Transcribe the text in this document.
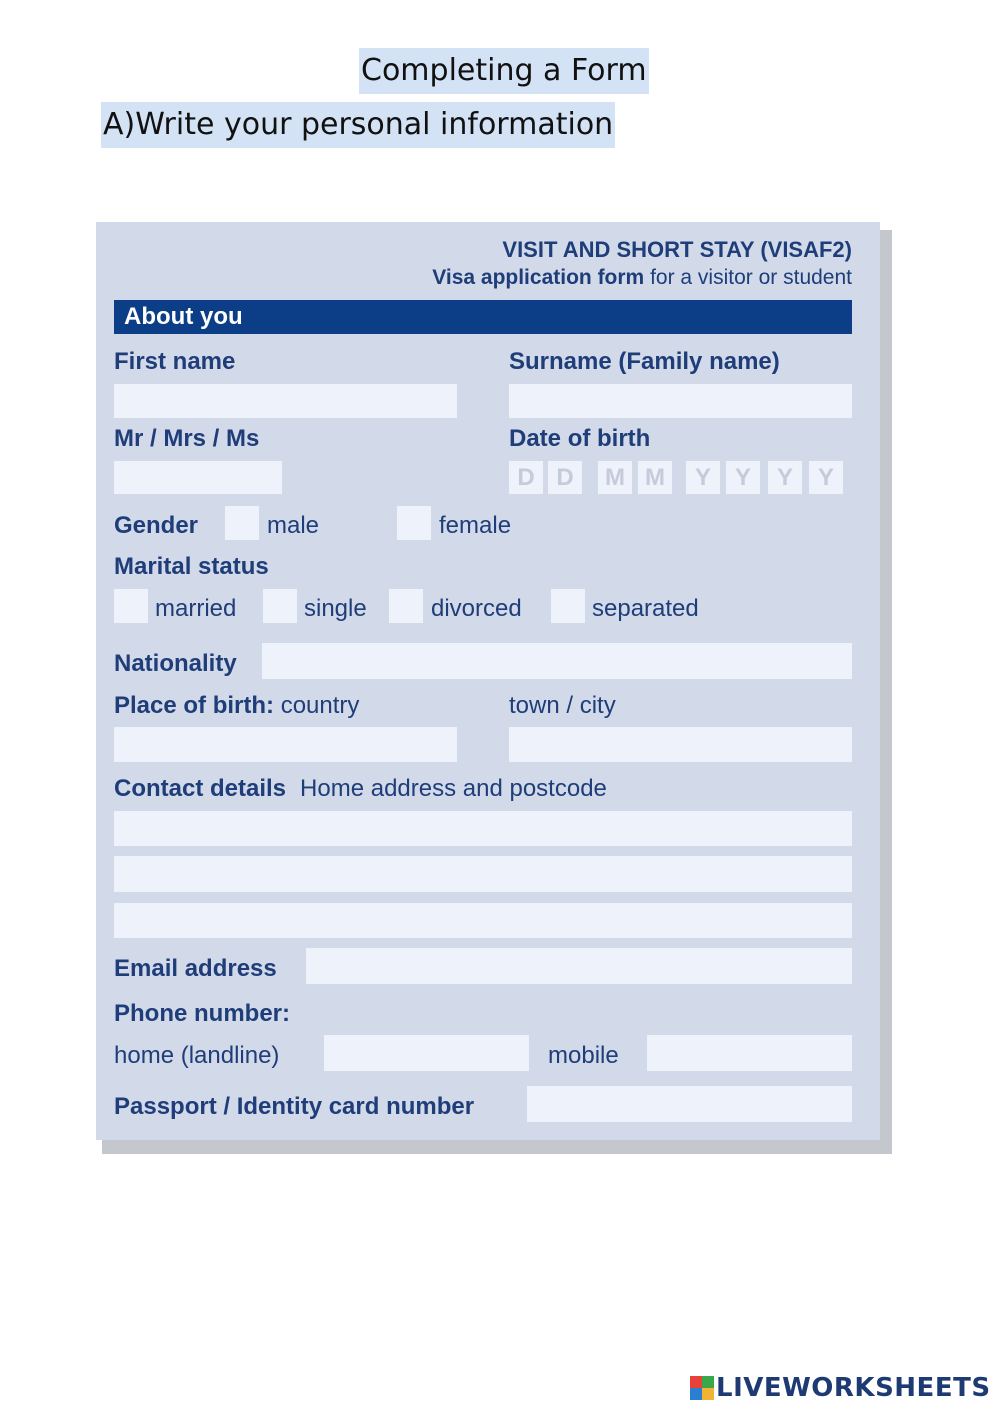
Completing a Form
A)Write your personal information
VISIT AND SHORT STAY (VISAF2)
Visa application form for a visitor or student
About you
First name	Surname (Family name)
Mr / Mrs / Ms	Date of birth
D D	M M	Y Y	Y	Y
Gender	male	female
Marital status
married	single	divorced	separated
Nationality
Place of birth: country	town / city
Contact details Home address and postcode
Email address
Phone number:
home (landline)	mobile
Passport / Identity card number
LIVEWORKSHEETS
